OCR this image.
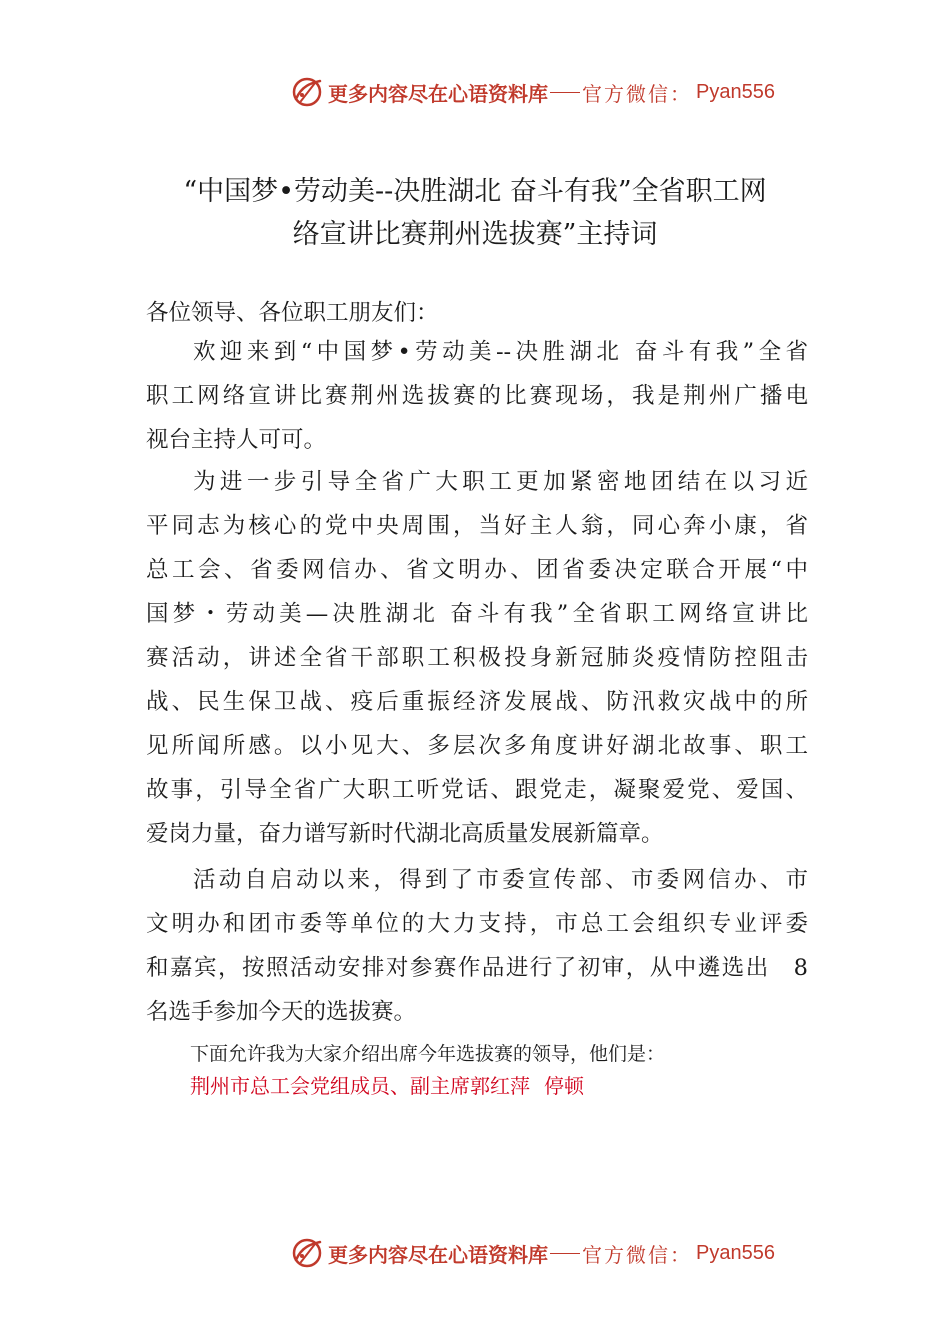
更多内容尽在心语资料库 官方微信： Pyan556
“中国梦•劳动美--决胜湖北 奋斗有我”全省职工网
络宣讲比赛荆州选拔赛”主持词
各位领导、各位职工朋友们：
欢迎来到“中国梦•劳动美--决胜湖北 奋斗有我”全省
职工网络宣讲比赛荆州选拔赛的比赛现场，我是荆州广播电
视台主持人可可。
为进一步引导全省广大职工更加紧密地团结在以习近
平同志为核心的党中央周围，当好主人翁，同心奔小康，省
总工会、省委网信办、省文明办、团省委决定联合开展“中
国梦・劳动美—决胜湖北 奋斗有我”全省职工网络宣讲比
赛活动，讲述全省干部职工积极投身新冠肺炎疫情防控阻击
战、民生保卫战、疫后重振经济发展战、防汛救灾战中的所
见所闻所感。以小见大、多层次多角度讲好湖北故事、职工
故事，引导全省广大职工听党话、跟党走，凝聚爱党、爱国、
爱岗力量，奋力谱写新时代湖北高质量发展新篇章。
活动自启动以来，得到了市委宣传部、市委网信办、市
文明办和团市委等单位的大力支持，市总工会组织专业评委
和嘉宾，按照活动安排对参赛作品进行了初审，从中遴选出　8
名选手参加今天的选拔赛。
下面允许我为大家介绍出席今年选拔赛的领导，他们是：
荆州市总工会党组成员、副主席郭红萍 停顿
更多内容尽在心语资料库 官方微信： Pyan556
